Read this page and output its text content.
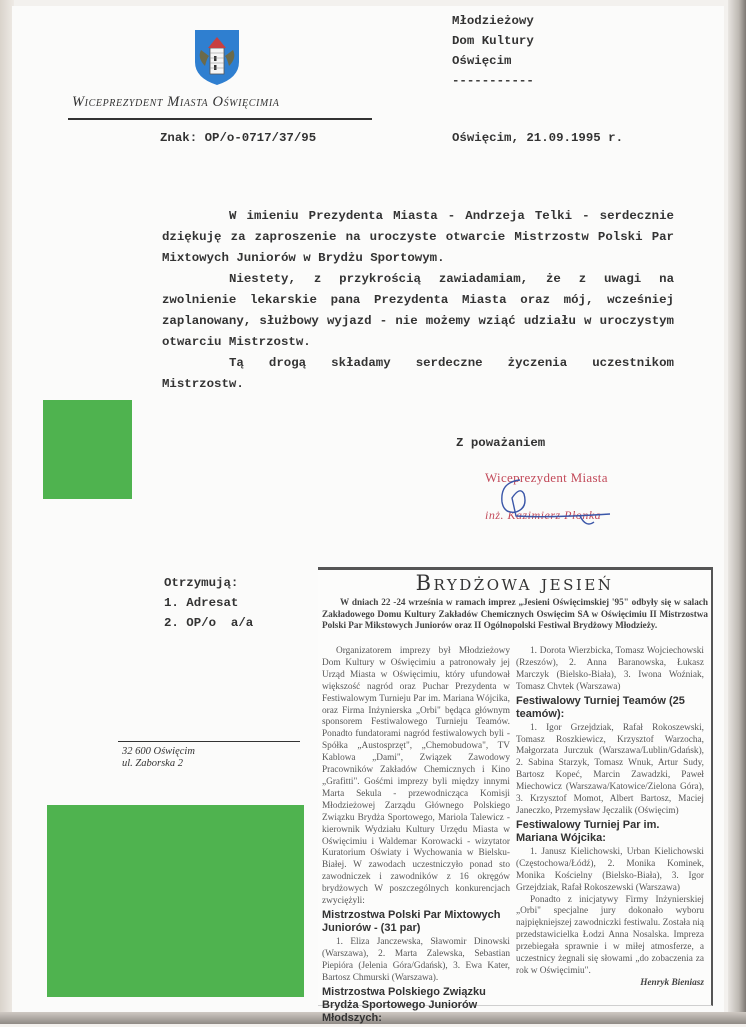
Wiceprezydent Miasta Oświęcimia
Młodzieżowy
Dom Kultury
Oświęcim
-----------
Znak: OP/o-0717/37/95	Oświęcim, 21.09.1995 r.

W imieniu Prezydenta Miasta - Andrzeja Telki - serdecznie dziękuję za zaproszenie na uroczyste otwarcie Mistrzostw Polski Par Mixtowych Juniorów w Brydżu Sportowym.

Niestety, z przykrością zawiadamiam, że z uwagi na zwolnienie lekarskie pana Prezydenta Miasta oraz mój, wcześniej zaplanowany, służbowy wyjazd - nie możemy wziąć udziału w uroczystym otwarciu Mistrzostw.

Tą drogą składamy serdeczne życzenia uczestnikom Mistrzostw.

Z poważaniem
Wiceprezydent Miasta
inż. Kazimierz Płonka
Otrzymują:
1. Adresat
2. OP/o  a/a
32 600 Oświęcim
ul. Zaborska 2
Brydżowa jesień
W dniach 22 -24 września w ramach imprez „Jesieni Oświęcimskiej '95" odbyły się w salach Zakładowego Domu Kultury Zakładów Chemicznych Oswięcim SA w Oświęcimiu II Mistrzostwa Polski Par Mikstowych Juniorów oraz II Ogólnopolski Festiwal Brydżowy Młodzieży.

Organizatorem imprezy był Młodzieżowy Dom Kultury w Oświęcimiu a patronowały jej Urząd Miasta w Oświęcimiu, który ufundował większość nagród oraz Puchar Prezydenta w Festiwalowym Turnieju Par im. Mariana Wójcika, oraz Firma Inżynierska „Orbi" będąca głównym sponsorem Festiwalowego Turnieju Teamów. Ponadto fundatorami nagród festiwalowych byli - Spółka „Austosprzęt", „Chemobudowa", TV Kablowa „Dami", Związek Zawodowy Pracowników Zakładów Chemicznych i Kino „Grafitti". Gośćmi imprezy byli między innymi Marta Sekula - przewodnicząca Komisji Młodzieżowej Zarządu Głównego Polskiego Związku Brydża Sportowego, Mariola Talewicz - kierownik Wydziału Kultury Urzędu Miasta w Oświęcimiu i Waldemar Korowacki - wizytator Kuratorium Oświaty i Wychowania w Bielsku-Białej. W zawodach uczestniczyło ponad sto zawodniczek i zawodników z 16 okręgów brydżowych W poszczególnych konkurencjach zwyciężyli:

Mistrzostwa Polski Par Mixtowych Juniorów - (31 par)

1. Eliza Janczewska, Sławomir Dinowski (Warszawa), 2. Marta Zalewska, Sebastian Piepióra (Jelenia Góra/Gdańsk), 3. Ewa Kater, Bartosz Chmurski (Warszawa).

Mistrzostwa Polskiego Związku Brydża Sportowego Juniorów Młodszych:

1. Dorota Wierzbicka, Tomasz Wojciechowski (Rzeszów), 2. Anna Baranowska, Łukasz Marczyk (Bielsko-Biała), 3. Iwona Woźniak, Tomasz Chvtek (Warszawa)

Festiwalowy Turniej Teamów (25 teamów):

1. Igor Grzejdziak, Rafał Rokoszewski, Tomasz Roszkiewicz, Krzysztof Warzocha, Małgorzata Jurczuk (Warszawa/Lublin/Gdańsk), 2. Sabina Starzyk, Tomasz Wnuk, Artur Sudy, Bartosz Kopeć, Marcin Zawadzki, Paweł Miechowicz (Warszawa/Katowice/Zielona Góra), 3. Krzysztof Momot, Albert Bartosz, Maciej Janeczko, Przemysław Jęczalik (Oświęcim)

Festiwalowy Turniej Par im. Mariana Wójcika:

1. Janusz Kielichowski, Urban Kielichowski (Częstochowa/Łódź), 2. Monika Kominek, Monika Kościelny (Bielsko-Biała), 3. Igor Grzejdziak, Rafał Rokoszewski (Warszawa)

Ponadto z inicjatywy Firmy Inżynierskiej „Orbi" specjalne jury dokonało wyboru najpiękniejszej zawodniczki festiwalu. Została nią przedstawicielka Łodzi Anna Nosalska. Impreza przebiegała sprawnie i w miłej atmosferze, a uczestnicy żegnali się słowami „do zobaczenia za rok w Oświęcimiu".

Henryk Bieniasz
